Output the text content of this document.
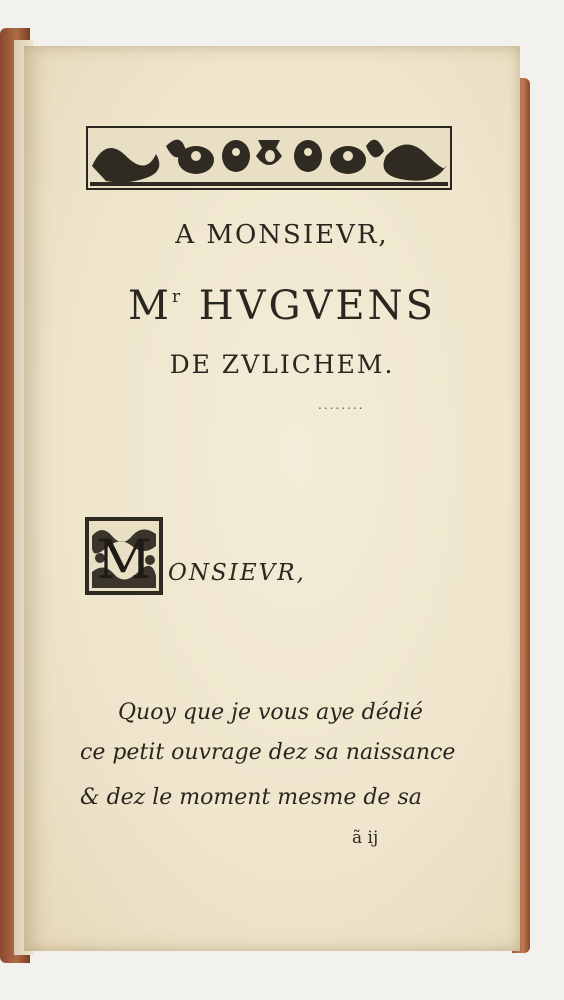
A MONSIEVR,
$M^r$ HVGVENS
DE ZVLICHEM.
........
M ONSIEVR,
Quoy que je vous aye dédié
ce petit ouvrage dez sa naissance
& dez le moment mesme de sa
ã ij
